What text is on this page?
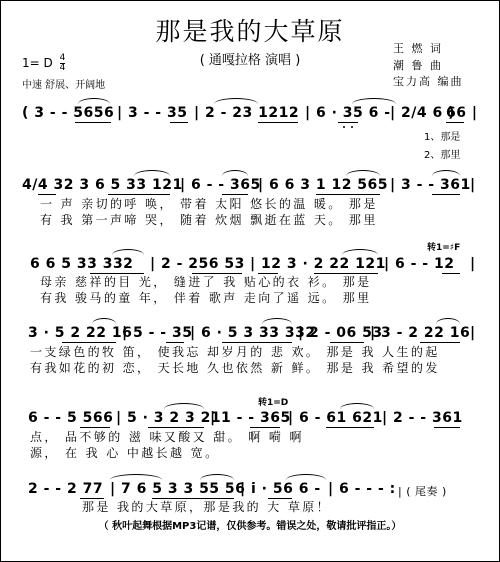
那是我的大草原
( 通嘎拉格 演唱 )
王 燃 词
潮 鲁 曲
宝力高 编曲
1= D $\frac{4}{4}$
中速 舒展、开阔地
( 3 - - 5656 | 3 - - 35 | 2 - 23 1212 | 6 · 35 6 - | 2/4 6 )
66 |
1、那是
2、那里
4/4 32 3 6 5 33 121
| 6 - - 365
| 6 6 3 1 12 565 | 3 - - 361 |
一 声 亲切的呼 唤， 带着 太阳 悠长的温 暖。 那是
有 我 第一声啼 哭， 随着 炊烟 飘逝在蓝 天。 那里
转1=♯F
6 6 5 33 332 | 2 - 256 53 | 12 3 · 2 22 121
| 6 - - 12 |
母亲 慈祥的目 光， 缝进了 我 贴心的衣 衫。 那是
有我 骏马的童 年， 伴着 歌声 走向了遥 远。 那里
3 · 5 2 22 16
| 5 - - 35
| 6 · 5 3 33 332
| 2 - 06 53
| 3 - 2 22 16 |
一支绿色的牧 笛， 使我忘 却岁月的 悲 欢。 那是 我 人生的起
有我如花的初 恋， 天长地 久也依然 新 鲜。 那是 我 希望的发
转1=D
6 - - 5 566 | 5 · 3 2 3 21
| 1 - - 365
| 6 - 61 621 | 2 - - 361
点， 品不够的 滋 味又酸又 甜。 啊 嗬 啊
源， 在 我 心 中越长越 宽。
2 - - 2 77 | 7 6 5 3 3 55 56
| i · 56 6 - | 6 - - - : | ( 尾奏 )
那是 我的大草原，那是我的 大 草原！
（ 秋叶起舞根据MP3记谱，仅供参考。错误之处，敬请批评指正。）
